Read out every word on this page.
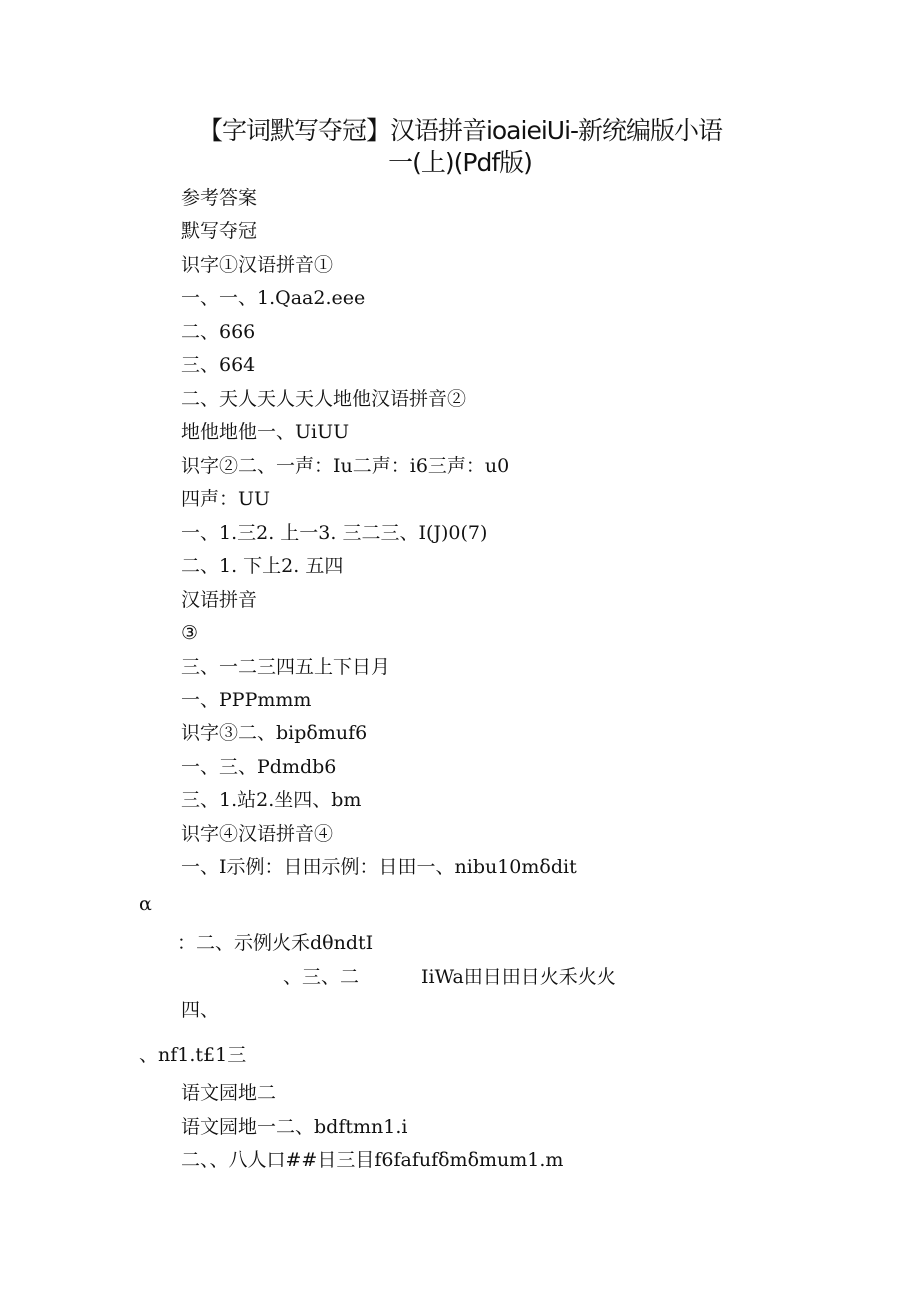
【字词默写夺冠】汉语拼音ioaieiUi-新统编版小语
一(上)(Pdf版)
参考答案
默写夺冠
识字①汉语拼音①
一、一、1.Qaa2.eee
二、666
三、664
二、天人天人天人地他汉语拼音②
地他地他一、UiUU
识字②二、一声：Iu二声：i6三声：u0
四声：UU
一、1.三2. 上一3. 三二三、I(J)0(7)
二、1. 下上2. 五四
汉语拼音
③
三、一二三四五上下日月
一、PPPmmm
识字③二、bipδmuf6
一、三、Pdmdb6
三、1.站2.坐四、bm
识字④汉语拼音④
一、I示例：日田示例：日田一、nibu10mδdit
α
：二、示例火禾dθndtI
、三、二	IiWa田日田日火禾火火
四、
、nf1.t£1三
语文园地二
语文园地一二、bdftmn1.i
二、、八人口##日三目f6fafufδmδmum1.m
